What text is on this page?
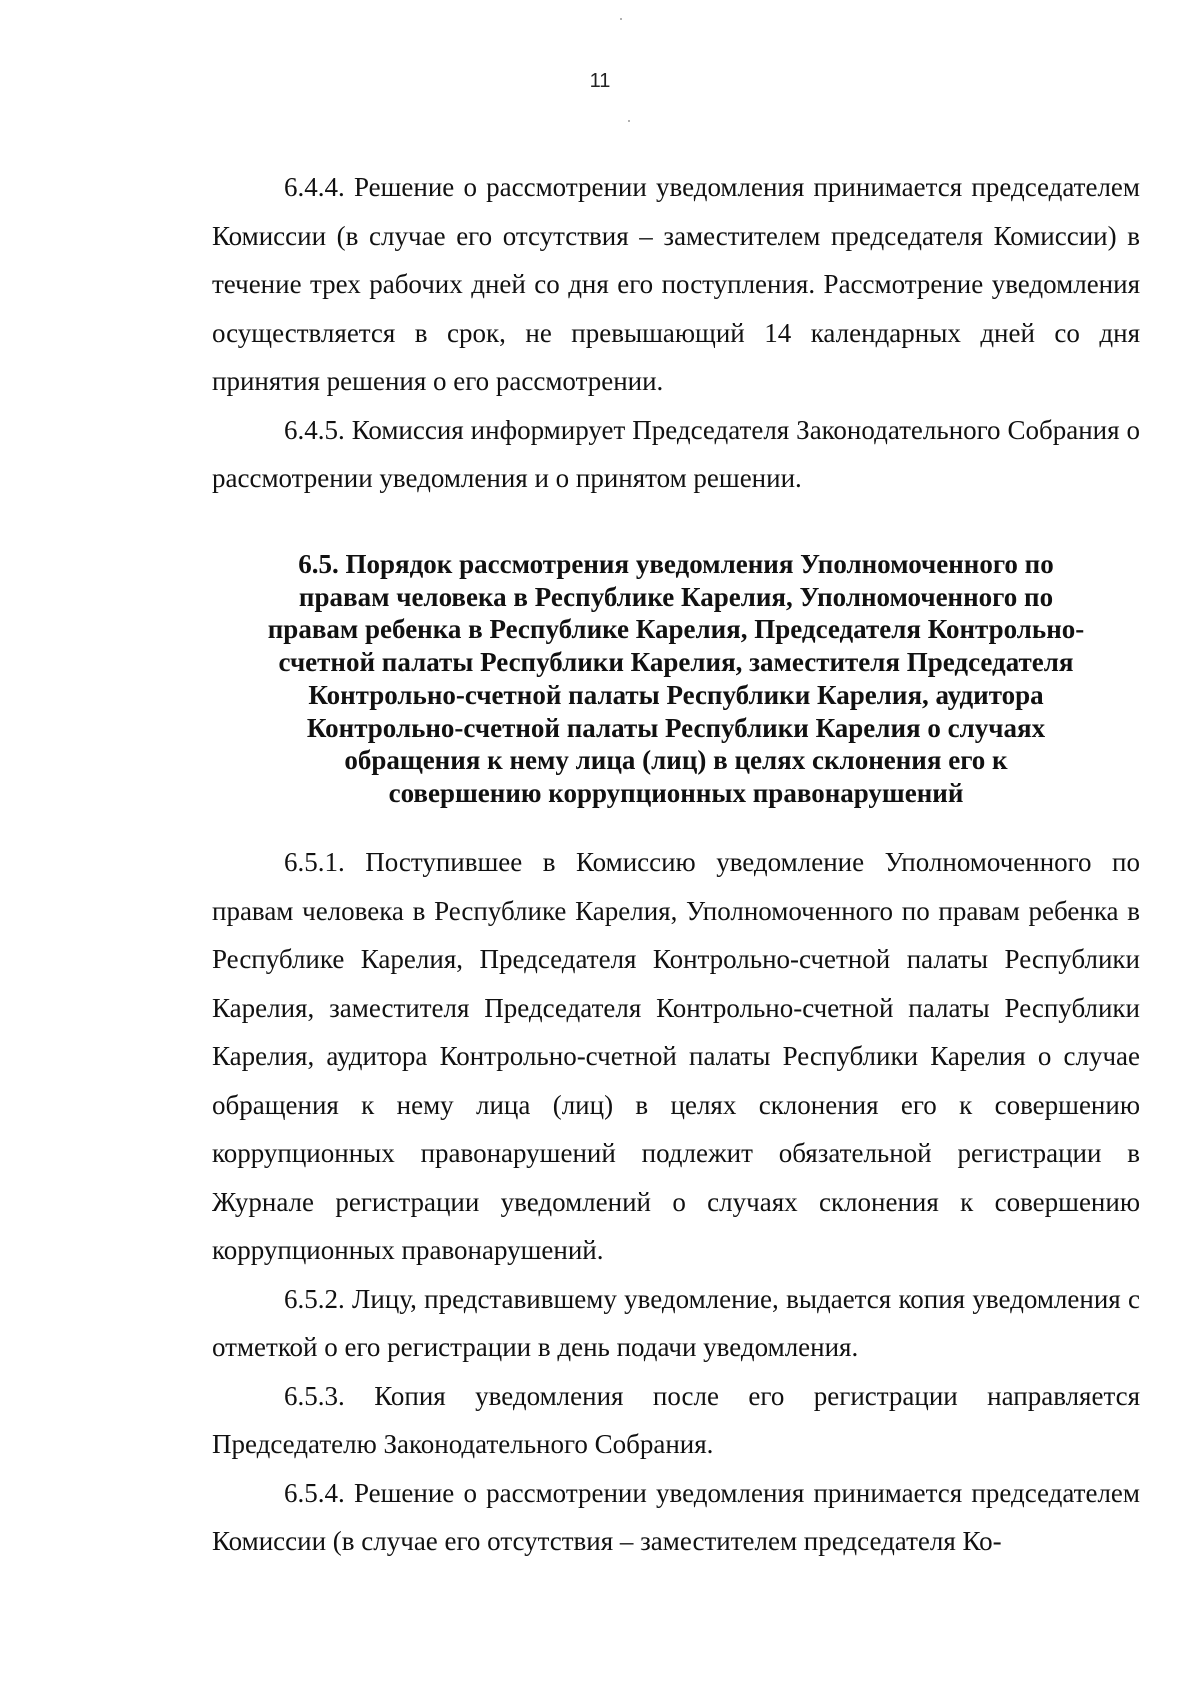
11

6.4.4. Решение о рассмотрении уведомления принимается председателем Комиссии (в случае его отсутствия – заместителем председателя Комиссии) в течение трех рабочих дней со дня его поступления. Рассмотрение уведомления осуществляется в срок, не превышающий 14 календарных дней со дня принятия решения о его рассмотрении.

6.4.5. Комиссия информирует Председателя Законодательного Собрания о рассмотрении уведомления и о принятом решении.

6.5. Порядок рассмотрения уведомления Уполномоченного по
правам человека в Республике Карелия, Уполномоченного по
правам ребенка в Республике Карелия, Председателя Контрольно-
счетной палаты Республики Карелия, заместителя Председателя
Контрольно-счетной палаты Республики Карелия, аудитора
Контрольно-счетной палаты Республики Карелия о случаях
обращения к нему лица (лиц) в целях склонения его к
совершению коррупционных правонарушений

6.5.1. Поступившее в Комиссию уведомление Уполномоченного по правам человека в Республике Карелия, Уполномоченного по правам ребенка в Республике Карелия, Председателя Контрольно-счетной палаты Республики Карелия, заместителя Председателя Контрольно-счетной палаты Республики Карелия, аудитора Контрольно-счетной палаты Республики Карелия о случае обращения к нему лица (лиц) в целях склонения его к совершению коррупционных правонарушений подлежит обязательной регистрации в Журнале регистрации уведомлений о случаях склонения к совершению коррупционных правонарушений.

6.5.2. Лицу, представившему уведомление, выдается копия уведомления с отметкой о его регистрации в день подачи уведомления.

6.5.3. Копия уведомления после его регистрации направляется Председателю Законодательного Собрания.

6.5.4. Решение о рассмотрении уведомления принимается председателем Комиссии (в случае его отсутствия – заместителем председателя Ко-
